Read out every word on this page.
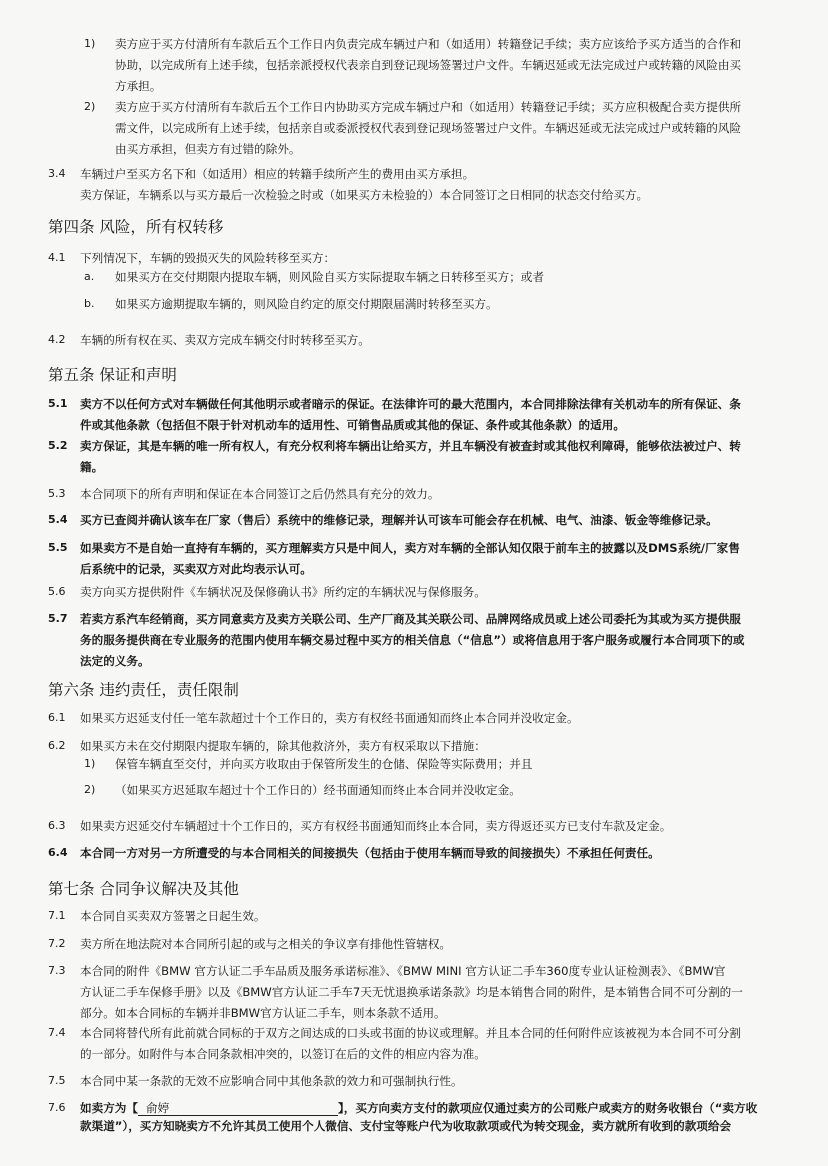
1) 卖方应于买方付清所有车款后五个工作日内负责完成车辆过户和（如适用）转籍登记手续；卖方应该给予买方适当的合作和
协助，以完成所有上述手续，包括亲派授权代表亲自到登记现场签署过户文件。车辆迟延或无法完成过户或转籍的风险由买
方承担。
2) 卖方应于买方付清所有车款后五个工作日内协助买方完成车辆过户和（如适用）转籍登记手续；买方应积极配合卖方提供所
需文件，以完成所有上述手续，包括亲自或委派授权代表到登记现场签署过户文件。车辆迟延或无法完成过户或转籍的风险
由买方承担，但卖方有过错的除外。
3.4 车辆过户至买方名下和（如适用）相应的转籍手续所产生的费用由买方承担。
卖方保证，车辆系以与买方最后一次检验之时或（如果买方未检验的）本合同签订之日相同的状态交付给买方。
第四条 风险，所有权转移
4.1 下列情况下，车辆的毁损灭失的风险转移至买方：
a. 如果买方在交付期限内提取车辆，则风险自买方实际提取车辆之日转移至买方；或者
b. 如果买方逾期提取车辆的，则风险自约定的原交付期限届满时转移至买方。
4.2 车辆的所有权在买、卖双方完成车辆交付时转移至买方。
第五条 保证和声明
5.1 卖方不以任何方式对车辆做任何其他明示或者暗示的保证。在法律许可的最大范围内，本合同排除法律有关机动车的所有保证、条
件或其他条款（包括但不限于针对机动车的适用性、可销售品质或其他的保证、条件或其他条款）的适用。
5.2 卖方保证，其是车辆的唯一所有权人，有充分权利将车辆出让给买方，并且车辆没有被查封或其他权利障碍，能够依法被过户、转
籍。
5.3 本合同项下的所有声明和保证在本合同签订之后仍然具有充分的效力。
5.4 买方已查阅并确认该车在厂家（售后）系统中的维修记录，理解并认可该车可能会存在机械、电气、油漆、钣金等维修记录。
5.5 如果卖方不是自始一直持有车辆的，买方理解卖方只是中间人，卖方对车辆的全部认知仅限于前车主的披露以及DMS系统/厂家售
后系统中的记录，买卖双方对此均表示认可。
5.6 卖方向买方提供附件《车辆状况及保修确认书》所约定的车辆状况与保修服务。
5.7 若卖方系汽车经销商，买方同意卖方及卖方关联公司、生产厂商及其关联公司、品牌网络成员或上述公司委托为其或为买方提供服
务的服务提供商在专业服务的范围内使用车辆交易过程中买方的相关信息（“信息”）或将信息用于客户服务或履行本合同项下的或
法定的义务。
第六条 违约责任，责任限制
6.1 如果买方迟延支付任一笔车款超过十个工作日的，卖方有权经书面通知而终止本合同并没收定金。
6.2 如果买方未在交付期限内提取车辆的，除其他救济外，卖方有权采取以下措施：
1) 保管车辆直至交付，并向买方收取由于保管所发生的仓储、保险等实际费用；并且
2) （如果买方迟延取车超过十个工作日的）经书面通知而终止本合同并没收定金。
6.3 如果卖方迟延交付车辆超过十个工作日的，买方有权经书面通知而终止本合同，卖方得返还买方已支付车款及定金。
6.4 本合同一方对另一方所遭受的与本合同相关的间接损失（包括由于使用车辆而导致的间接损失）不承担任何责任。
第七条 合同争议解决及其他
7.1 本合同自买卖双方签署之日起生效。
7.2 卖方所在地法院对本合同所引起的或与之相关的争议享有排他性管辖权。
7.3 本合同的附件《BMW 官方认证二手车品质及服务承诺标准》、《BMW MINI 官方认证二手车360度专业认证检测表》、《BMW官
方认证二手车保修手册》以及《BMW官方认证二手车7天无忧退换承诺条款》均是本销售合同的附件，是本销售合同不可分割的一
部分。如本合同标的车辆并非BMW官方认证二手车，则本条款不适用。
7.4 本合同将替代所有此前就合同标的于双方之间达成的口头或书面的协议或理解。并且本合同的任何附件应该被视为本合同不可分割
的一部分。如附件与本合同条款相冲突的，以签订在后的文件的相应内容为准。
7.5 本合同中某一条款的无效不应影响合同中其他条款的效力和可强制执行性。
7.6 如卖方为【 俞婷	】，买方向卖方支付的款项应仅通过卖方的公司账户或卖方的财务收银台（“卖方收
款渠道”），买方知晓卖方不允许其员工使用个人微信、支付宝等账户代为收取款项或代为转交现金，卖方就所有收到的款项给会
